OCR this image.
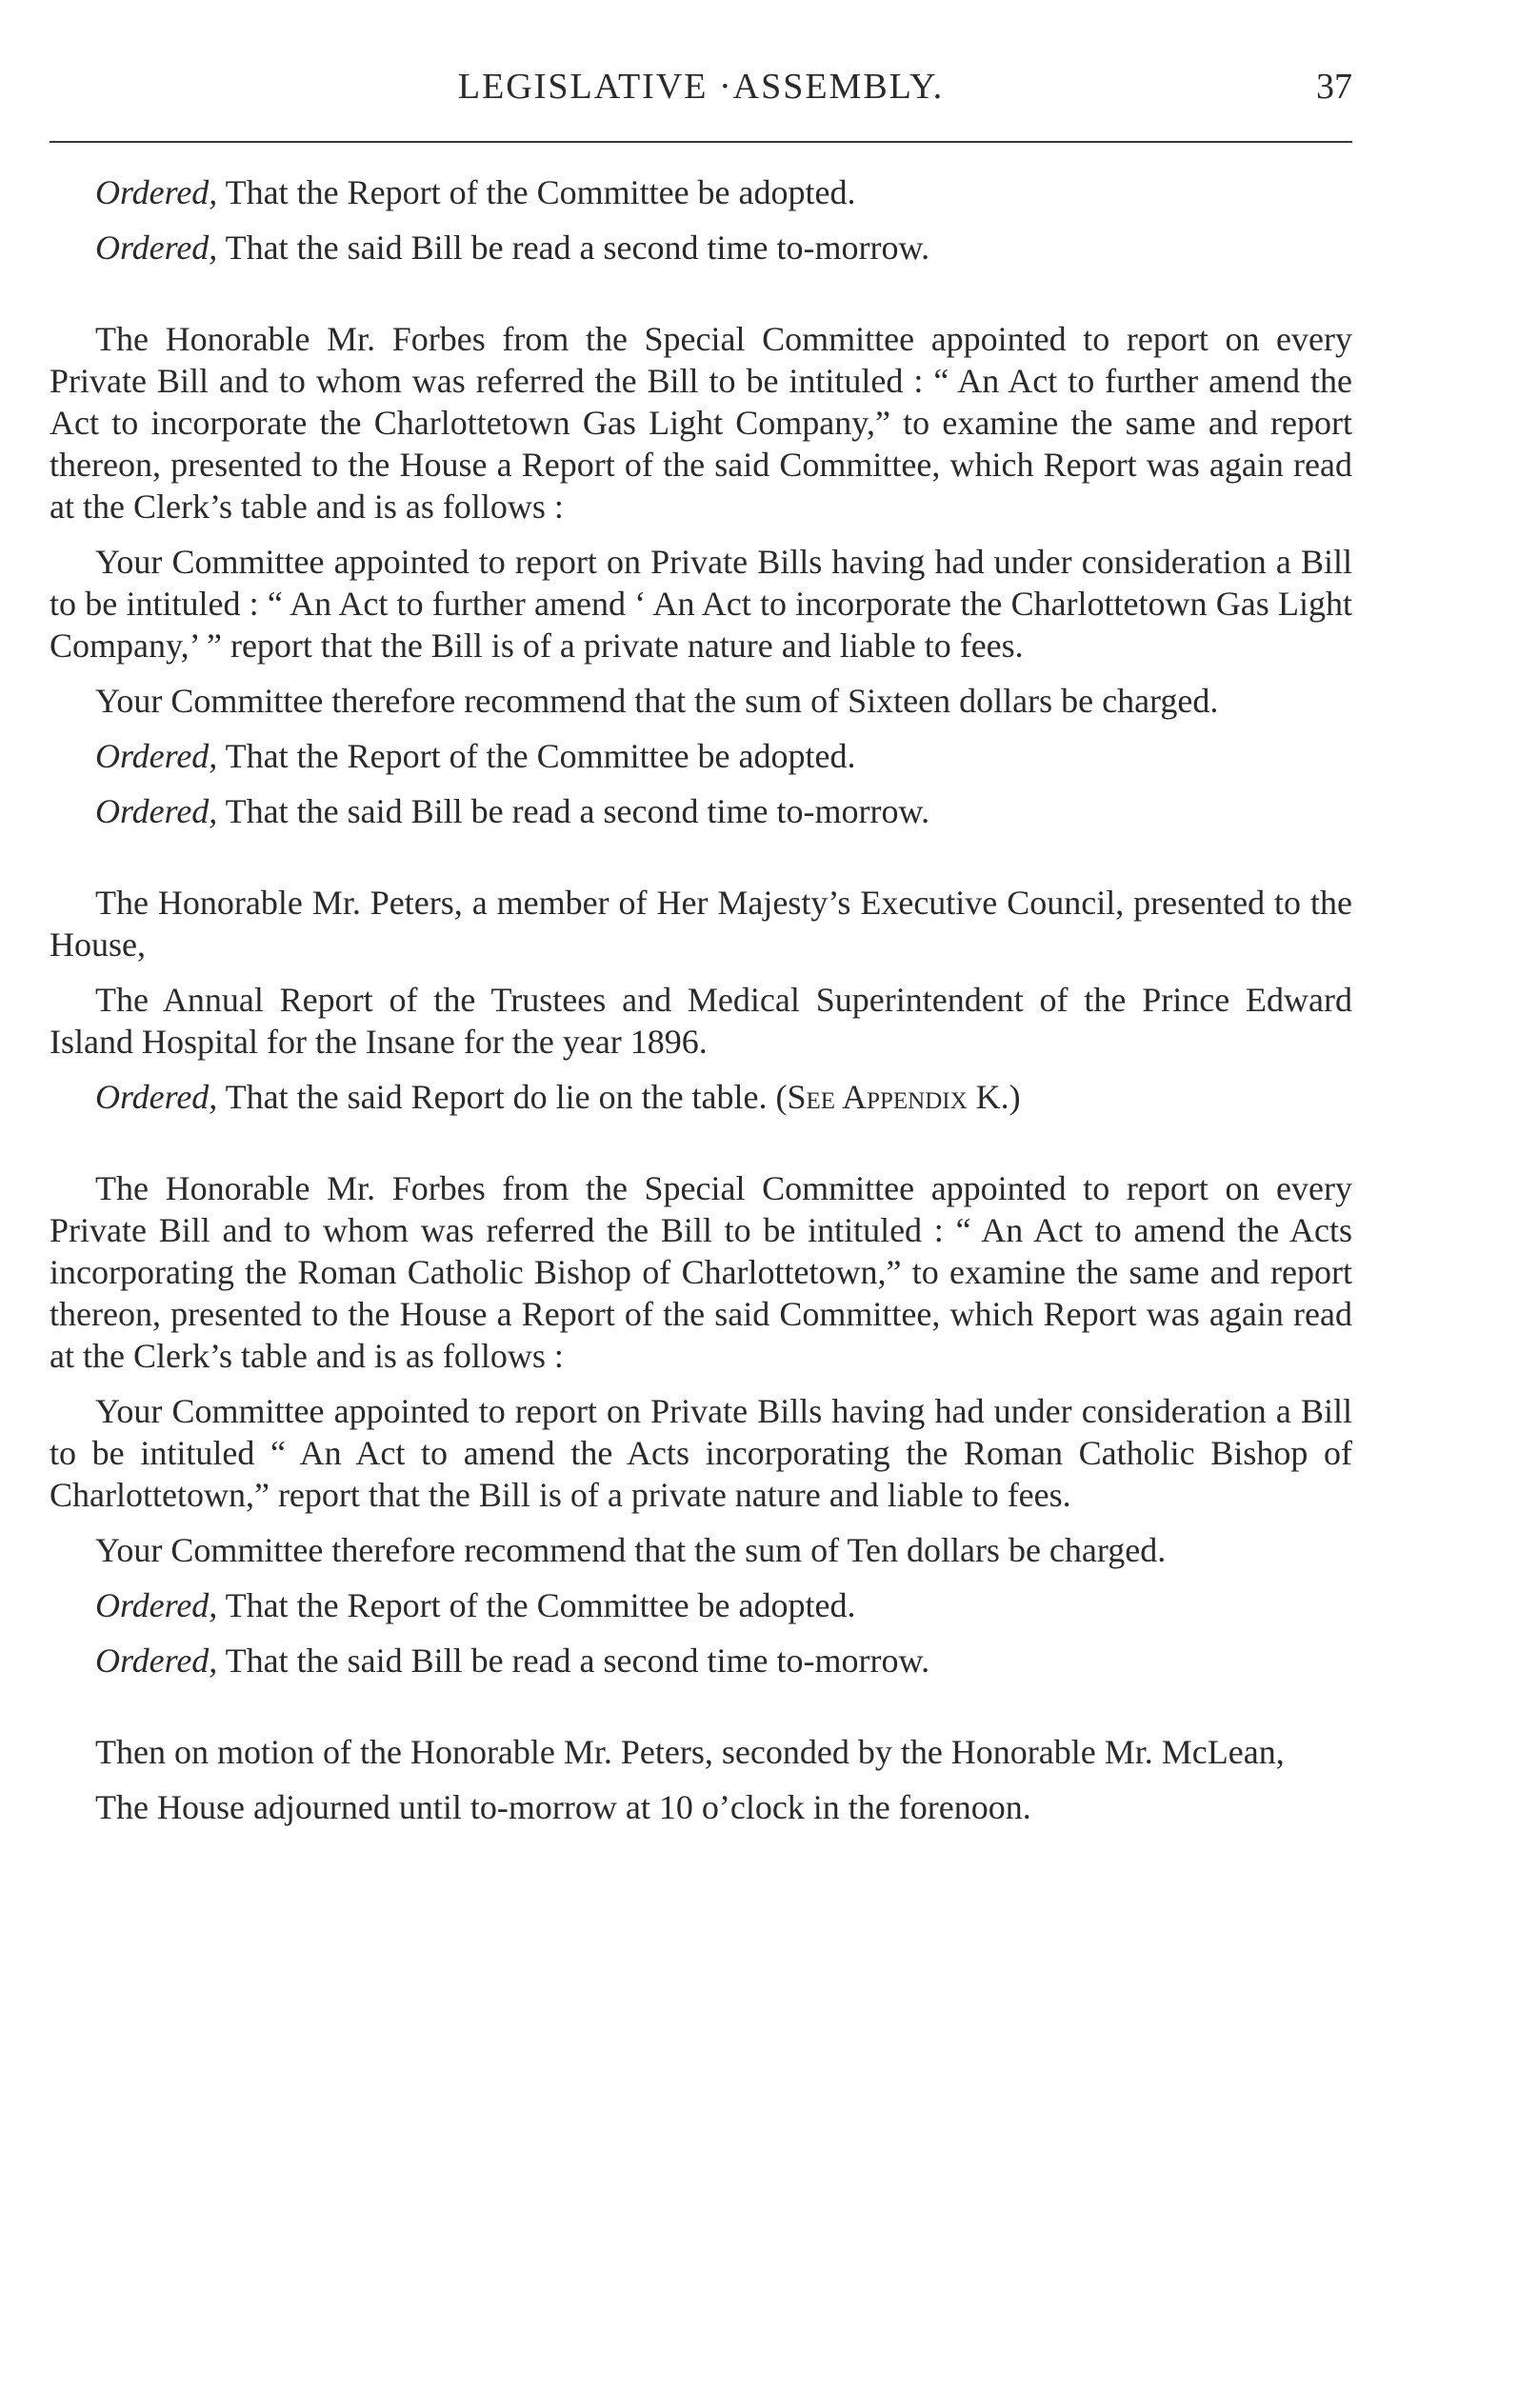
LEGISLATIVE ·ASSEMBLY.	37

Ordered, That the Report of the Committee be adopted.

Ordered, That the said Bill be read a second time to-morrow.

The Honorable Mr. Forbes from the Special Committee appointed to report on every Private Bill and to whom was referred the Bill to be intituled : “ An Act to further amend the Act to incorporate the Charlottetown Gas Light Company,” to examine the same and report thereon, presented to the House a Report of the said Committee, which Report was again read at the Clerk’s table and is as follows :

Your Committee appointed to report on Private Bills having had under consideration a Bill to be intituled : “ An Act to further amend ‘ An Act to incorporate the Charlottetown Gas Light Company,’ ” report that the Bill is of a private nature and liable to fees.

Your Committee therefore recommend that the sum of Sixteen dollars be charged.

Ordered, That the Report of the Committee be adopted.

Ordered, That the said Bill be read a second time to-morrow.

The Honorable Mr. Peters, a member of Her Majesty’s Executive Council, presented to the House,

The Annual Report of the Trustees and Medical Superintendent of the Prince Edward Island Hospital for the Insane for the year 1896.

Ordered, That the said Report do lie on the table. (See Appendix K.)

The Honorable Mr. Forbes from the Special Committee appointed to report on every Private Bill and to whom was referred the Bill to be intituled : “ An Act to amend the Acts incorporating the Roman Catholic Bishop of Charlottetown,” to examine the same and report thereon, presented to the House a Report of the said Committee, which Report was again read at the Clerk’s table and is as follows :

Your Committee appointed to report on Private Bills having had under consideration a Bill to be intituled “ An Act to amend the Acts incorporating the Roman Catholic Bishop of Charlottetown,” report that the Bill is of a private nature and liable to fees.

Your Committee therefore recommend that the sum of Ten dollars be charged.

Ordered, That the Report of the Committee be adopted.

Ordered, That the said Bill be read a second time to-morrow.

Then on motion of the Honorable Mr. Peters, seconded by the Honorable Mr. McLean,

The House adjourned until to-morrow at 10 o’clock in the forenoon.
